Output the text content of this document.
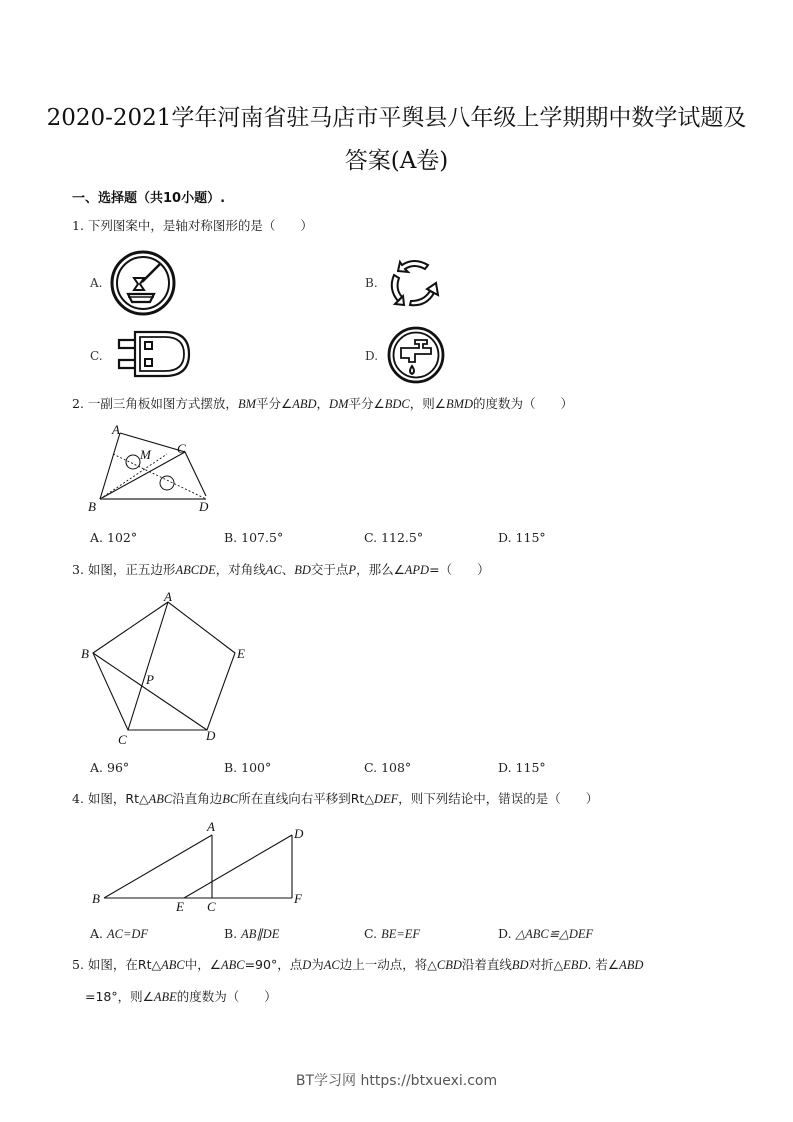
2020-2021学年河南省驻马店市平舆县八年级上学期期中数学试题及
答案(A卷)
一、选择题（共10小题）.
1. 下列图案中，是轴对称图形的是（　　）
A.	B.
C.	D.
2. 一副三角板如图方式摆放，BM平分∠ABD，DM平分∠BDC，则∠BMD的度数为（　　）
A
M C
B	D
A. 102°	B. 107.5°	C. 112.5°	D. 115°
3. 如图，正五边形ABCDE，对角线AC、BD交于点P，那么∠APD=（　　）
A
B	E
P
C	D
A. 96°	B. 100°	C. 108°	D. 115°
4. 如图，Rt△ABC沿直角边BC所在直线向右平移到Rt△DEF，则下列结论中，错误的是（　　）
A	D
B
E C
F
A. AC=DF	B. AB∥DE	C. BE=EF	D. △ABC≌△DEF
5. 如图，在Rt△ABC中，∠ABC=90°，点D为AC边上一动点，将△CBD沿着直线BD对折△EBD. 若∠ABD
=18°，则∠ABE的度数为（　　）
BT学习网 https://btxuexi.com
